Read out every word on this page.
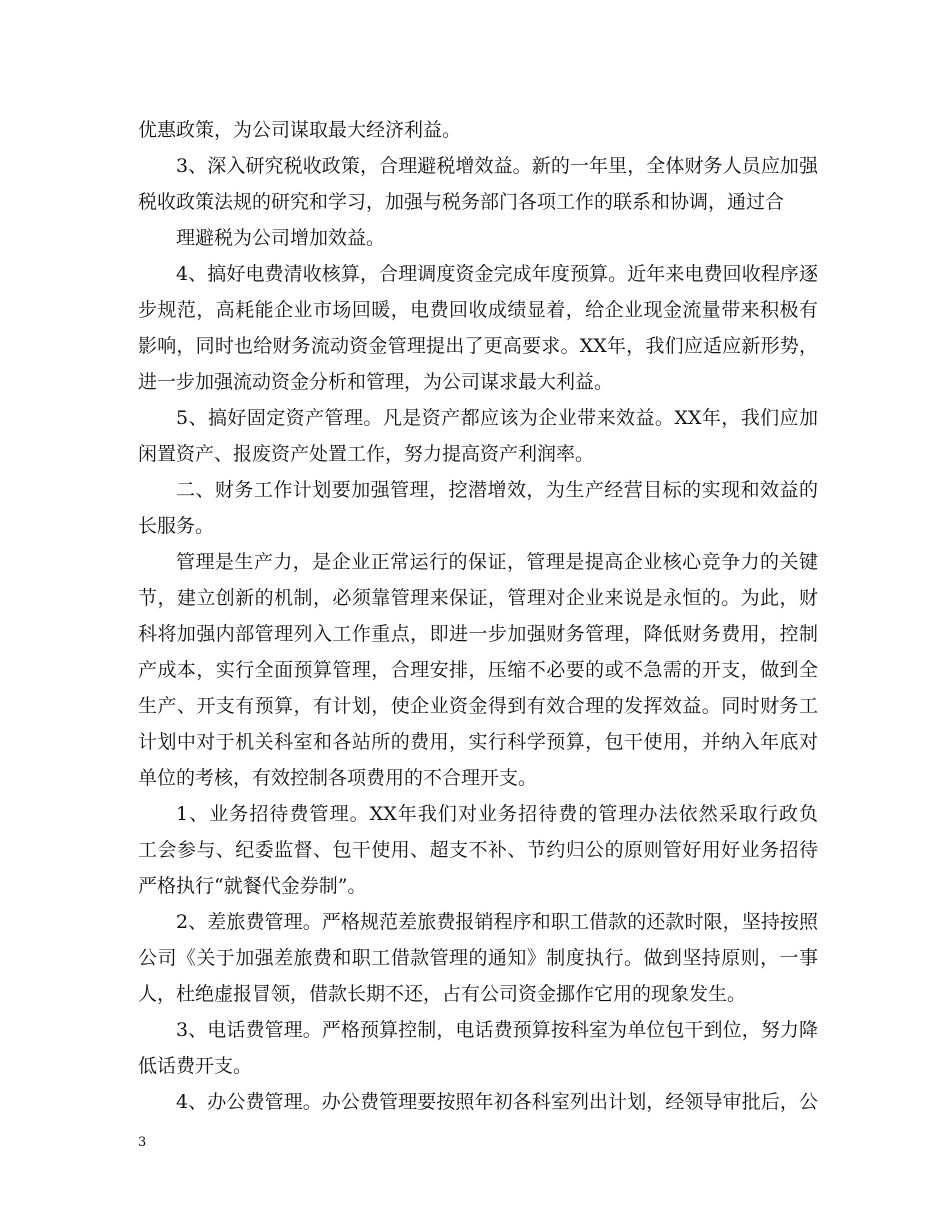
优惠政策，为公司谋取最大经济利益。
3、深入研究税收政策，合理避税增效益。新的一年里，全体财务人员应加强
税收政策法规的研究和学习，加强与税务部门各项工作的联系和协调，通过合
理避税为公司增加效益。
4、搞好电费清收核算，合理调度资金完成年度预算。近年来电费回收程序逐
步规范，高耗能企业市场回暖，电费回收成绩显着，给企业现金流量带来积极有
影响，同时也给财务流动资金管理提出了更高要求。XX年，我们应适应新形势，
进一步加强流动资金分析和管理，为公司谋求最大利益。
5、搞好固定资产管理。凡是资产都应该为企业带来效益。XX年，我们应加
闲置资产、报废资产处置工作，努力提高资产利润率。
二、财务工作计划要加强管理，挖潜增效，为生产经营目标的实现和效益的
长服务。
管理是生产力，是企业正常运行的保证，管理是提高企业核心竞争力的关键
节，建立创新的机制，必须靠管理来保证，管理对企业来说是永恒的。为此，财
科将加强内部管理列入工作重点，即进一步加强财务管理，降低财务费用，控制
产成本，实行全面预算管理，合理安排，压缩不必要的或不急需的开支，做到全
生产、开支有预算，有计划，使企业资金得到有效合理的发挥效益。同时财务工
计划中对于机关科室和各站所的费用，实行科学预算，包干使用，并纳入年底对
单位的考核，有效控制各项费用的不合理开支。
1、业务招待费管理。XX年我们对业务招待费的管理办法依然采取行政负
工会参与、纪委监督、包干使用、超支不补、节约归公的原则管好用好业务招待
严格执行“就餐代金券制”。
2、差旅费管理。严格规范差旅费报销程序和职工借款的还款时限，坚持按照
公司《关于加强差旅费和职工借款管理的通知》制度执行。做到坚持原则，一事
人，杜绝虚报冒领，借款长期不还，占有公司资金挪作它用的现象发生。
3、电话费管理。严格预算控制，电话费预算按科室为单位包干到位，努力降
低话费开支。
4、办公费管理。办公费管理要按照年初各科室列出计划，经领导审批后，公
3
